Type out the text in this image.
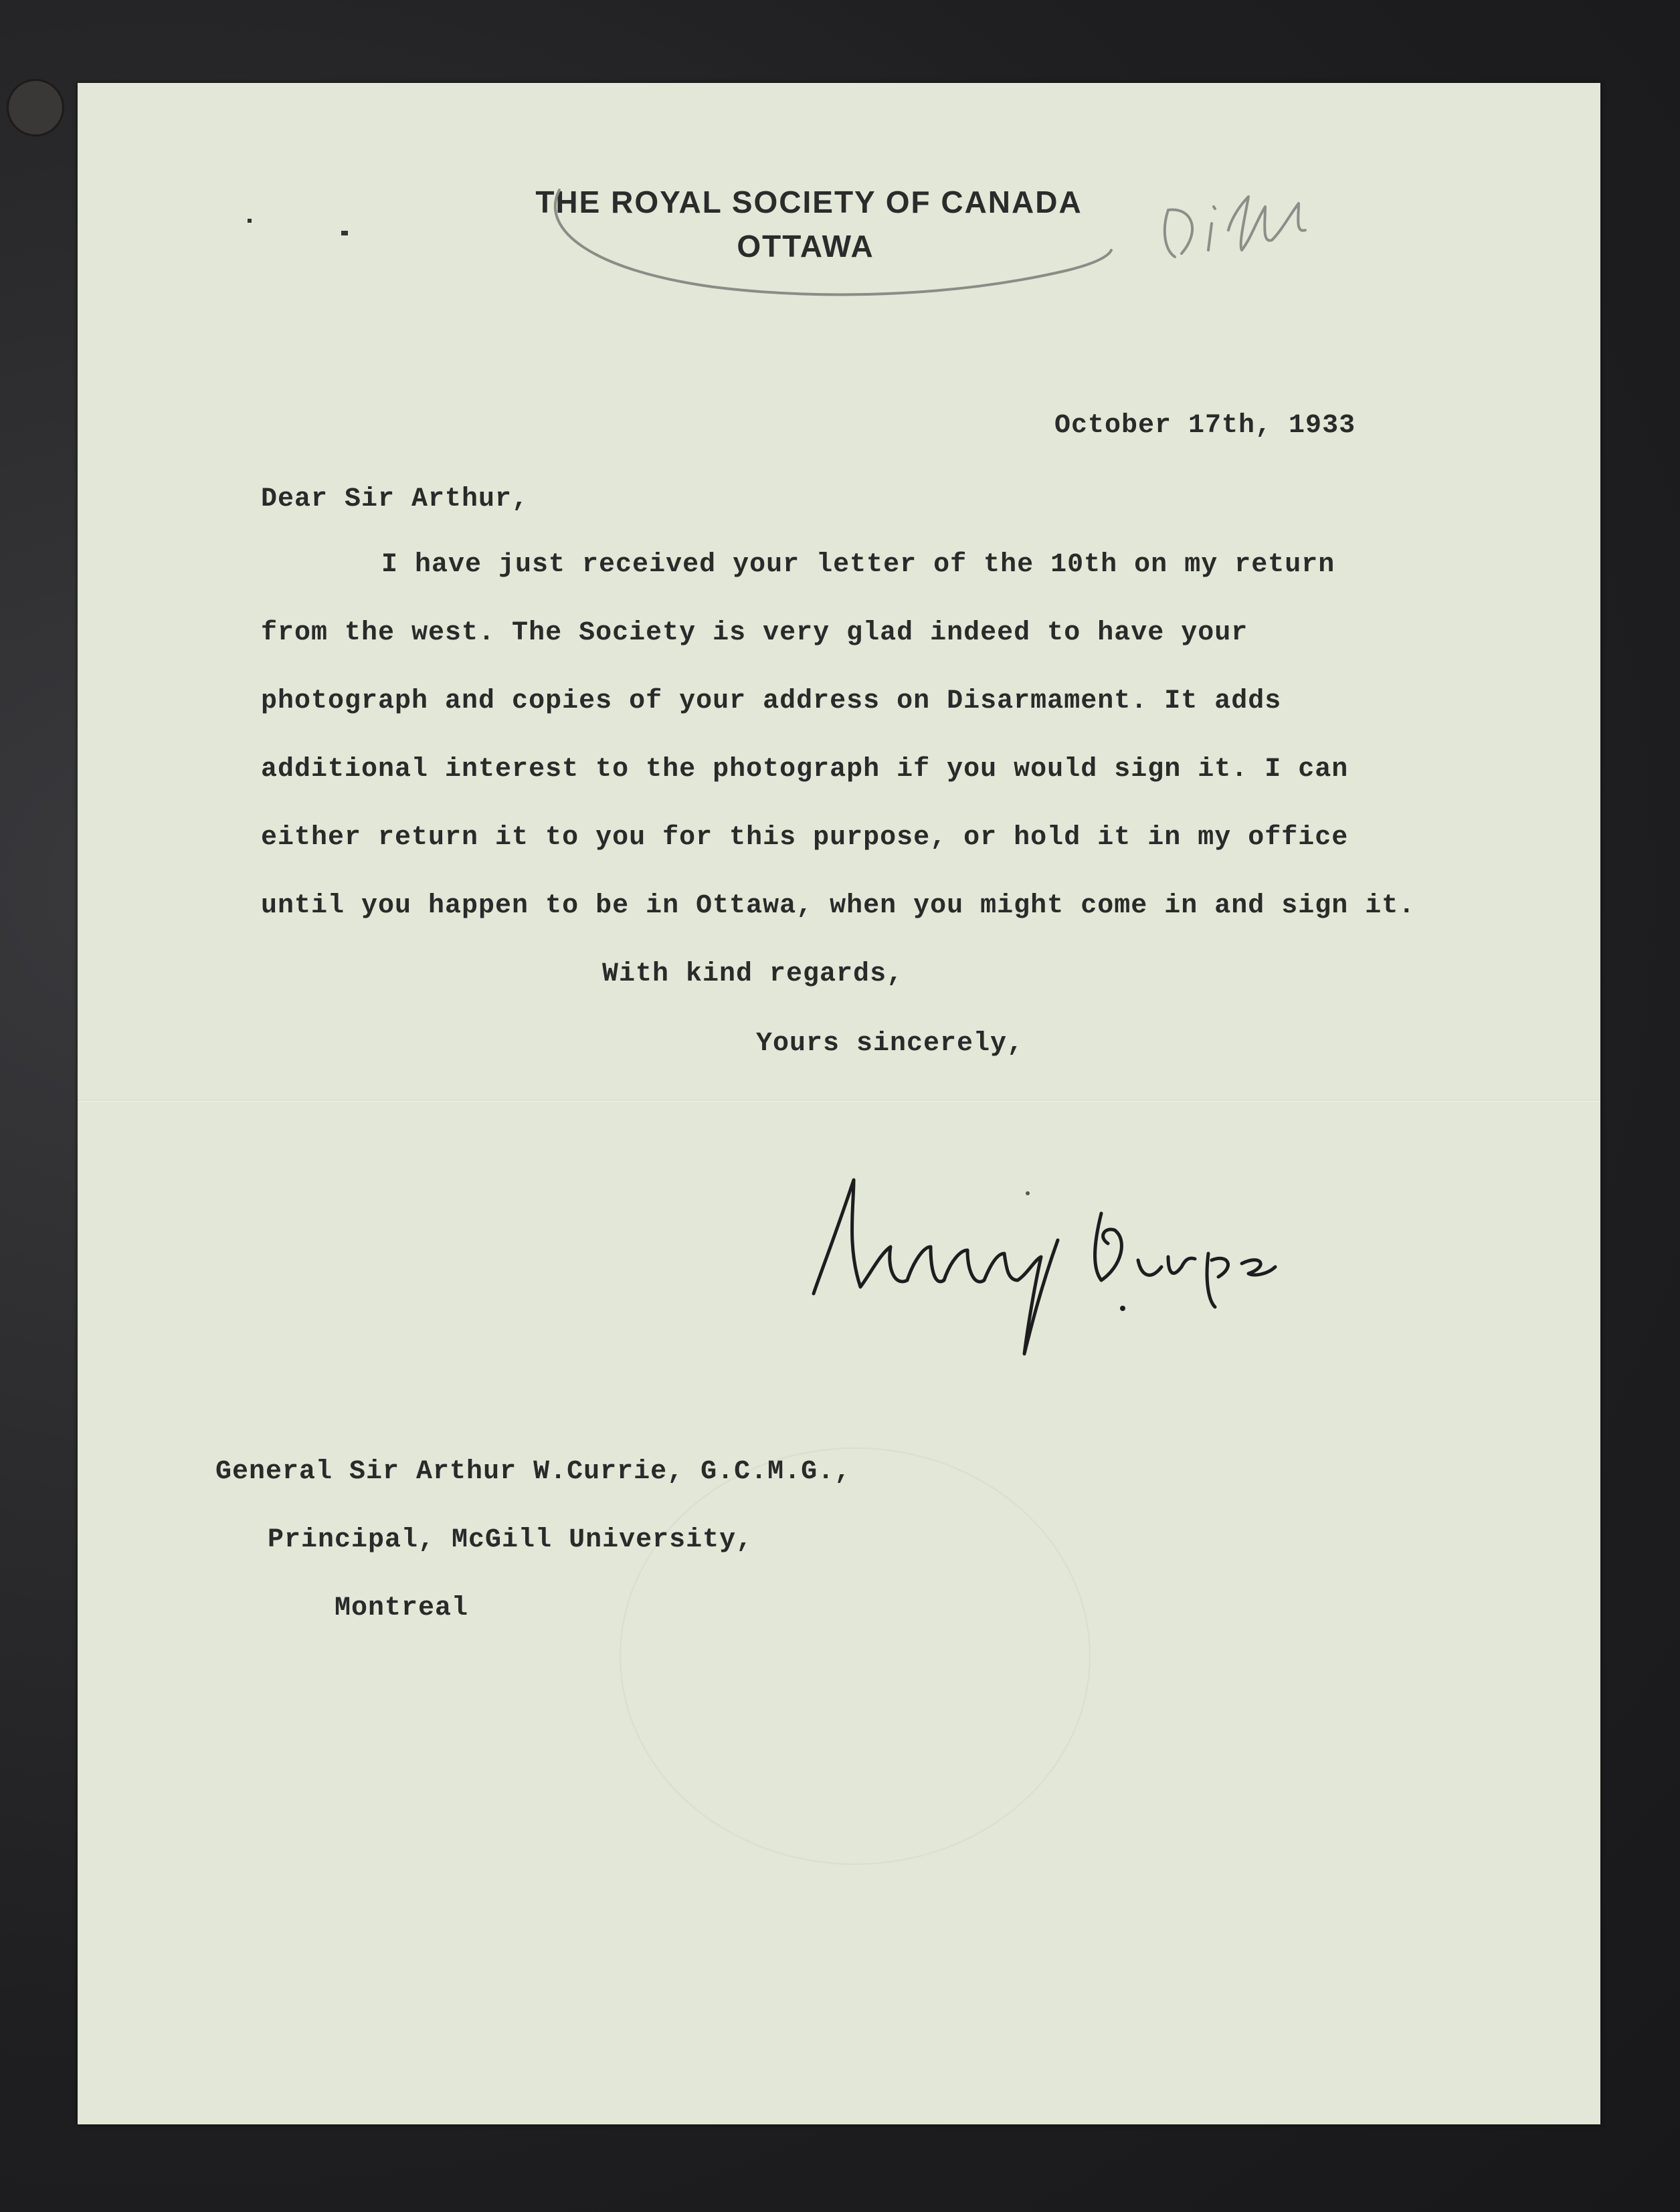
THE ROYAL SOCIETY OF CANADA
OTTAWA
October 17th, 1933
Dear Sir Arthur,
I have just received your letter of the 10th on my return
from the west. The Society is very glad indeed to have your
photograph and copies of your address on Disarmament. It adds
additional interest to the photograph if you would sign it. I can
either return it to you for this purpose, or hold it in my office
until you happen to be in Ottawa, when you might come in and sign it.
With kind regards,
Yours sincerely,
General Sir Arthur W.Currie, G.C.M.G.,
Principal, McGill University,
Montreal
